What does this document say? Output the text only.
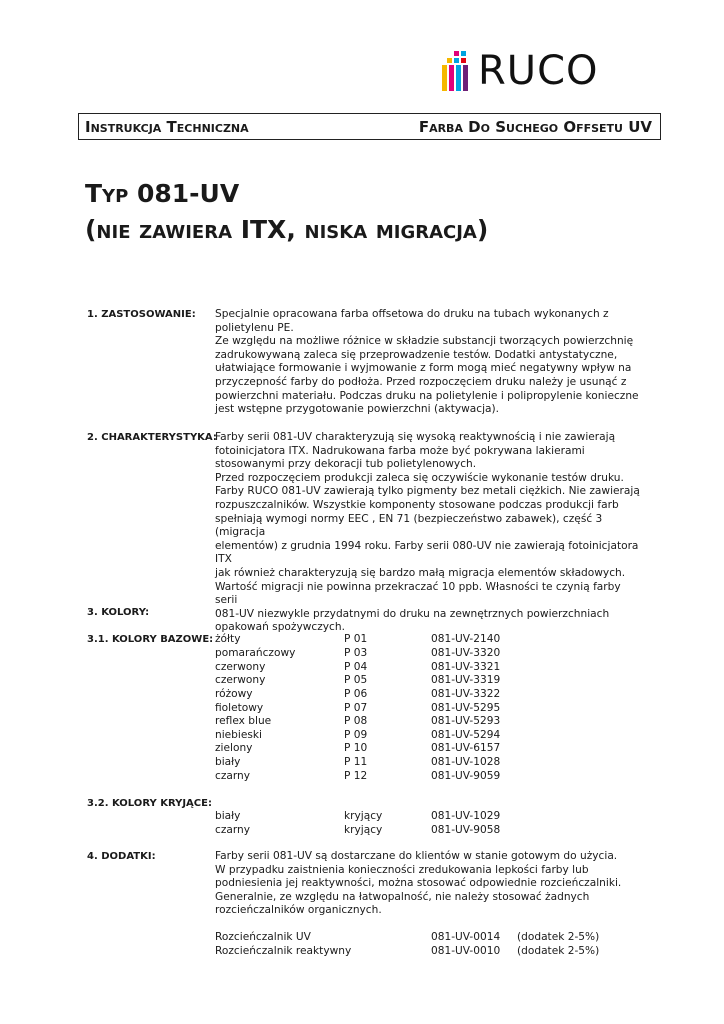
RUCO
Instrukcja Techniczna	Farba Do Suchego Offsetu UV
Typ 081-UV
(nie zawiera ITX, niska migracja)
1. ZASTOSOWANIE: Specjalnie opracowana farba offsetowa do druku na tubach wykonanych z
polietylenu PE.
Ze względu na możliwe różnice w składzie substancji tworzących powierzchnię
zadrukowywaną zaleca się przeprowadzenie testów. Dodatki antystatyczne,
ułatwiające formowanie i wyjmowanie z form mogą mieć negatywny wpływ na
przyczepność farby do podłoża. Przed rozpoczęciem druku należy je usunąć z
powierzchni materiału. Podczas druku na polietylenie i polipropylenie konieczne
jest wstępne przygotowanie powierzchni (aktywacja).
2. CHARAKTERYSTYKA:
Farby serii 081-UV charakteryzują się wysoką reaktywnością i nie zawierają
fotoinicjatora ITX. Nadrukowana farba może być pokrywana lakierami
stosowanymi przy dekoracji tub polietylenowych.
Przed rozpoczęciem produkcji zaleca się oczywiście wykonanie testów druku.
Farby RUCO 081-UV zawierają tylko pigmenty bez metali ciężkich. Nie zawierają
rozpuszczalników. Wszystkie komponenty stosowane podczas produkcji farb
spełniają wymogi normy EEC , EN 71 (bezpieczeństwo zabawek), część 3 (migracja
elementów) z grudnia 1994 roku. Farby serii 080-UV nie zawierają fotoinicjatora ITX
jak również charakteryzują się bardzo małą migracja elementów składowych.
Wartość migracji nie powinna przekraczać 10 ppb. Własności te czynią farby serii
081-UV niezwykle przydatnymi do druku na zewnętrznych powierzchniach
opakowań spożywczych.
3. KOLORY:
3.1. KOLORY BAZOWE: żółty	P 01	081-UV-2140
pomarańczowy	P 03	081-UV-3320
czerwony	P 04	081-UV-3321
czerwony	P 05	081-UV-3319
różowy	P 06	081-UV-3322
fioletowy	P 07	081-UV-5295
reflex blue	P 08	081-UV-5293
niebieski	P 09	081-UV-5294
zielony	P 10	081-UV-6157
biały	P 11	081-UV-1028
czarny	P 12	081-UV-9059
3.2. KOLORY KRYJĄCE:
biały	kryjący	081-UV-1029
czarny	kryjący	081-UV-9058
4. DODATKI:	Farby serii 081-UV są dostarczane do klientów w stanie gotowym do użycia.
W przypadku zaistnienia konieczności zredukowania lepkości farby lub
podniesienia jej reaktywności, można stosować odpowiednie rozcieńczalniki.
Generalnie, ze względu na łatwopalność, nie należy stosować żadnych
rozcieńczalników organicznych.
Rozcieńczalnik UV	081-UV-0014 (dodatek 2-5%)
Rozcieńczalnik reaktywny	081-UV-0010 (dodatek 2-5%)
